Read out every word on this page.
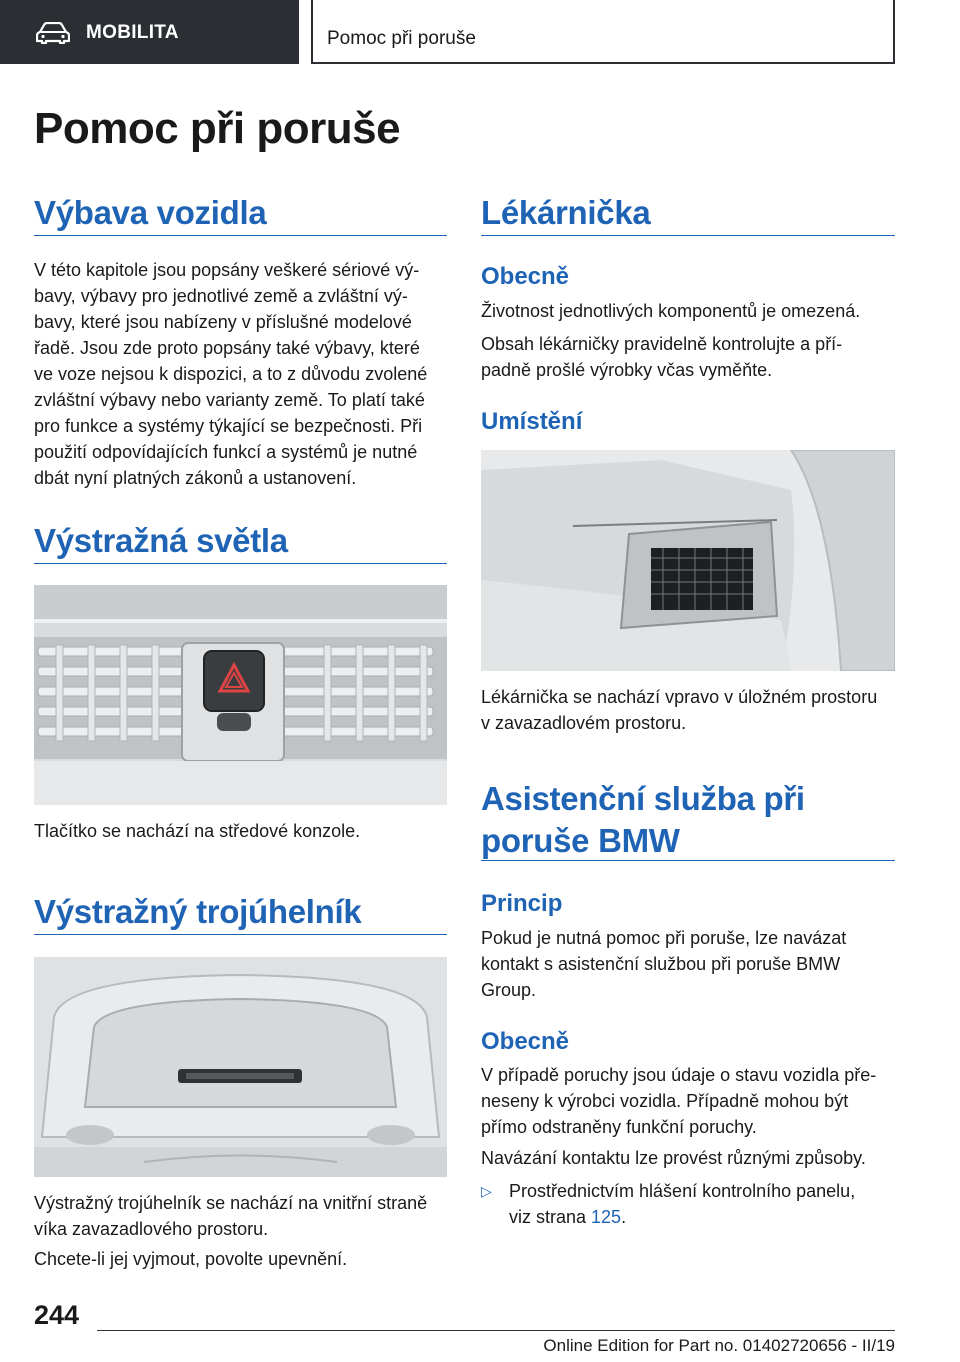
MOBILITA	Pomoc při poruše
Pomoc při poruše
Výbava vozidla

V této kapitole jsou popsány veškeré sériové vý-
bavy, výbavy pro jednotlivé země a zvláštní vý-
bavy, které jsou nabízeny v příslušné modelové
řadě. Jsou zde proto popsány také výbavy, které
ve voze nejsou k dispozici, a to z důvodu zvolené
zvláštní výbavy nebo varianty země. To platí také
pro funkce a systémy týkající se bezpečnosti. Při
použití odpovídajících funkcí a systémů je nutné
dbát nyní platných zákonů a ustanovení.

Výstražná světla

Tlačítko se nachází na středové konzole.

Výstražný trojúhelník

Výstražný trojúhelník se nachází na vnitřní straně
víka zavazadlového prostoru.

Chcete-li jej vyjmout, povolte upevnění.

Lékárnička
Obecně

Životnost jednotlivých komponentů je omezená.

Obsah lékárničky pravidelně kontrolujte a pří-
padně prošlé výrobky včas vyměňte.

Umístění

Lékárnička se nachází vpravo v úložném prostoru
v zavazadlovém prostoru.

Asistenční služba při
poruše BMW
Princip

Pokud je nutná pomoc při poruše, lze navázat
kontakt s asistenční službou při poruše BMW
Group.

Obecně

V případě poruchy jsou údaje o stavu vozidla pře-
neseny k výrobci vozidla. Případně mohou být
přímo odstraněny funkční poruchy.

Navázání kontaktu lze provést různými způsoby.

▷ Prostřednictvím hlášení kontrolního panelu,
viz strana 125.

244
Online Edition for Part no. 01402720656 - II/19
